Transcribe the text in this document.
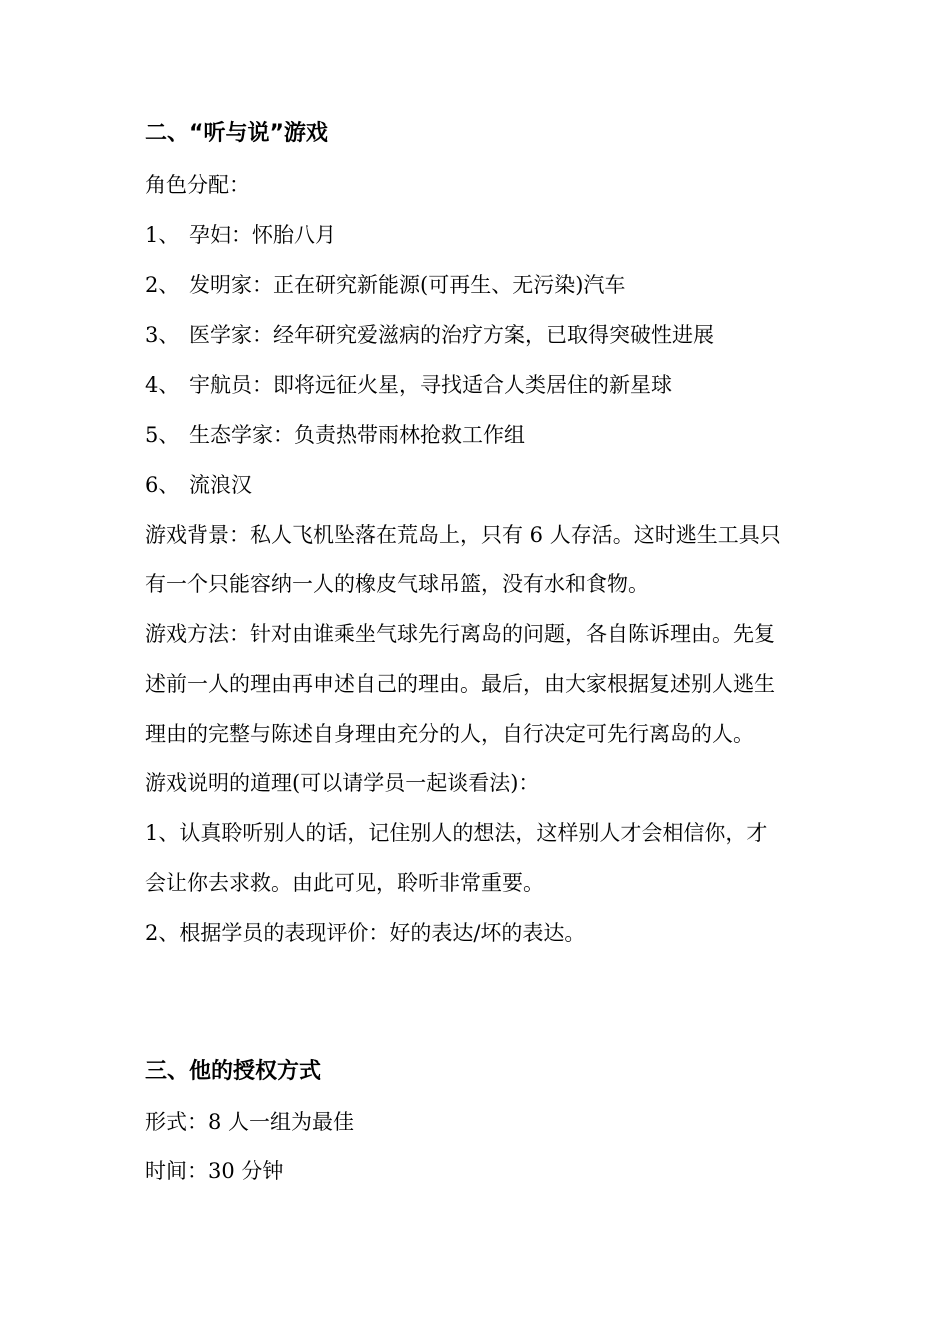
二、“听与说”游戏
角色分配：
1、 孕妇：怀胎八月
2、 发明家：正在研究新能源(可再生、无污染)汽车
3、 医学家：经年研究爱滋病的治疗方案，已取得突破性进展
4、 宇航员：即将远征火星，寻找适合人类居住的新星球
5、 生态学家：负责热带雨林抢救工作组
6、 流浪汉
游戏背景：私人飞机坠落在荒岛上，只有 6 人存活。这时逃生工具只
有一个只能容纳一人的橡皮气球吊篮，没有水和食物。
游戏方法：针对由谁乘坐气球先行离岛的问题，各自陈诉理由。先复
述前一人的理由再申述自己的理由。最后，由大家根据复述别人逃生
理由的完整与陈述自身理由充分的人，自行决定可先行离岛的人。
游戏说明的道理(可以请学员一起谈看法)：
1、认真聆听别人的话，记住别人的想法，这样别人才会相信你，才
会让你去求救。由此可见，聆听非常重要。
2、根据学员的表现评价：好的表达/坏的表达。
三、他的授权方式
形式：8 人一组为最佳
时间：30 分钟
